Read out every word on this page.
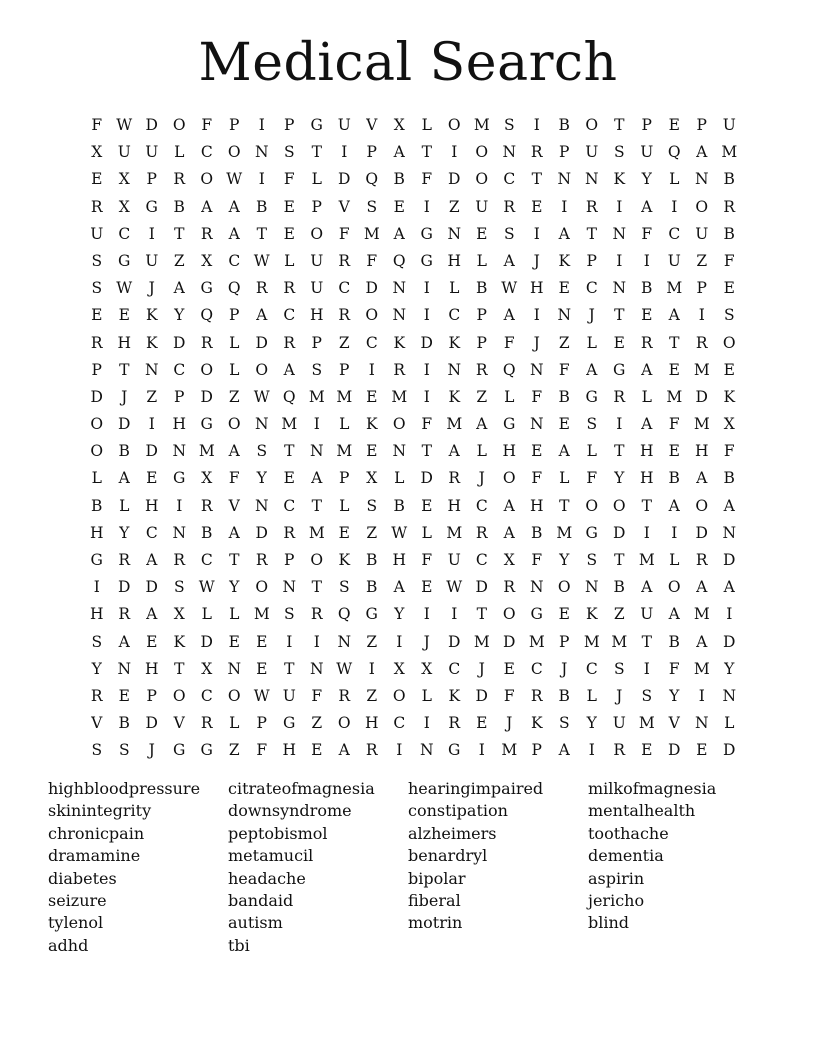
Medical Search
F W D O	F	P	I	P	G U V	X	L	O M S	I	B O	T	P	E	P	U
X U U	L	C O N S	T	I	P	A	T	I	O N R	P	U	S	U Q	A M
E	X	P	R O W	I	F	L	D Q B	F	D O C	T	N N K	Y	L	N B
R	X	G	B	A	A	B	E	P	V	S	E	I	Z	U R	E	I	R	I	A	I	O R
U C	I	T	R	A	T	E O	F M A	G N E	S	I	A	T	N F	C U B
S	G U	Z	X	C W L	U R	F	Q G H	L	A	J	K	P	I	I	U	Z	F
S W	J	A	G Q R	R U C D N	I	L	B W H E	C N B M P	E
E	E	K	Y	Q	P	A	C H R O N	I	C	P	A	I	N	J	T	E	A	I	S
R H K D R	L	D R	P	Z	C	K D K	P	F	J	Z	L	E	R	T	R O
P	T	N C O	L	O	A	S	P	I	R	I	N R Q N F	A	G	A	E M E
D	J	Z	P	D	Z W Q M M E M	I	K	Z	L	F	B	G R	L M D K
O D	I	H G O N M	I	L	K O	F M A	G N E	S	I	A	F M X
O B	D N M A	S	T	N M E N	T	A	L	H E	A	L	T	H E H F
L	A	E	G	X	F	Y	E	A	P	X	L	D R	J	O	F	L	F	Y	H B	A	B
B	L	H	I	R	V N C	T	L	S	B	E H C	A H	T	O O	T	A	O	A
H	Y	C N B	A	D R M E	Z W L M R	A	B M G D	I	I	D N
G R	A	R	C	T	R	P	O K	B H F	U C	X	F	Y	S	T M L	R D
I	D D	S W Y	O N	T	S	B	A	E W D R N O N B	A	O	A	A
H R	A	X	L	L M S	R Q G	Y	I	I	T	O G	E	K	Z	U A M	I
S	A	E	K D	E	E	I	I	N Z	I	J	D M D M P M M T	B	A	D
Y	N H	T	X N E	T	N W	I	X	X	C	J	E	C	J	C	S	I	F M Y
R	E	P	O C O W U	F	R	Z	O	L	K D	F	R	B	L	J	S	Y	I	N
V	B	D	V	R	L	P	G	Z	O H C	I	R	E	J	K	S	Y	U M V N	L
S	S	J	G G	Z	F H E	A	R	I	N G	I	M P	A	I	R	E	D	E	D
highbloodpressure
skinintegrity
chronicpain
dramamine
diabetes
seizure
tylenol
adhd
citrateofmagnesia
downsyndrome
peptobismol
metamucil
headache
bandaid
autism
tbi
hearingimpaired
constipation
alzheimers
benardryl
bipolar
fiberal
motrin
milkofmagnesia
mentalhealth
toothache
dementia
aspirin
jericho
blind
